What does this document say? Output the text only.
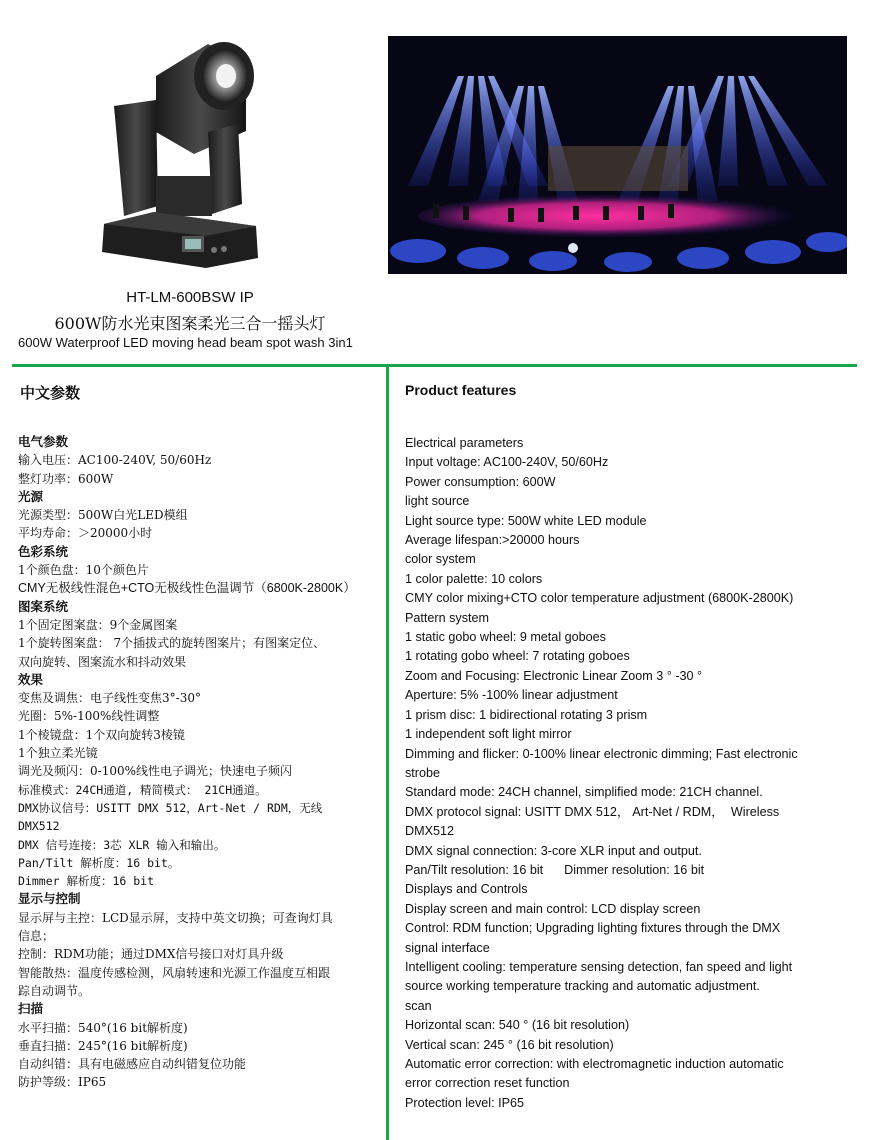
HT-LM-600BSW IP
600W防水光束图案柔光三合一摇头灯
600W Waterproof LED moving head beam spot wash 3in1
中文参数	Product features
电气参数
输入电压：AC100-240V, 50/60Hz
整灯功率：600W
光源
光源类型：500W白光LED模组
平均寿命：＞20000小时
色彩系统
1个颜色盘：10个颜色片
CMY无极线性混色+CTO无极线性色温调节（6800K-2800K）
图案系统
1个固定图案盘：9个金属图案
1个旋转图案盘： 7个插拔式的旋转图案片；有图案定位、
双向旋转、图案流水和抖动效果
效果
变焦及调焦：电子线性变焦3°-30°
光圈：5%-100%线性调整
1个棱镜盘：1个双向旋转3棱镜
1个独立柔光镜
调光及频闪：0-100%线性电子调光；快速电子频闪
标准模式：24CH通道, 精简模式： 21CH通道。
DMX协议信号：USITT DMX 512，Art-Net / RDM，无线
DMX512
DMX 信号连接：3芯 XLR 输入和输出。
Pan/Tilt 解析度：16 bit。
Dimmer 解析度：16 bit
显示与控制
显示屏与主控：LCD显示屏，支持中英文切换；可查询灯具
信息；
控制：RDM功能；通过DMX信号接口对灯具升级
智能散热：温度传感检测，风扇转速和光源工作温度互相跟
踪自动调节。
扫描
水平扫描：540°(16 bit解析度)
垂直扫描：245°(16 bit解析度)
自动纠错：具有电磁感应自动纠错复位功能
防护等级：IP65
Electrical parameters
Input voltage: AC100-240V, 50/60Hz
Power consumption: 600W
light source
Light source type: 500W white LED module
Average lifespan:>20000 hours
color system
1 color palette: 10 colors
CMY color mixing+CTO color temperature adjustment (6800K-2800K)
Pattern system
1 static gobo wheel: 9 metal goboes
1 rotating gobo wheel: 7 rotating goboes
Zoom and Focusing: Electronic Linear Zoom 3 ° -30 °
Aperture: 5% -100% linear adjustment
1 prism disc: 1 bidirectional rotating 3 prism
1 independent soft light mirror
Dimming and flicker: 0-100% linear electronic dimming; Fast electronic
strobe
Standard mode: 24CH channel, simplified mode: 21CH channel.
DMX protocol signal: USITT DMX 512， Art-Net / RDM，  Wireless
DMX512
DMX signal connection: 3-core XLR input and output.
Pan/Tilt resolution: 16 bit      Dimmer resolution: 16 bit
Displays and Controls
Display screen and main control: LCD display screen
Control: RDM function; Upgrading lighting fixtures through the DMX
signal interface
Intelligent cooling: temperature sensing detection, fan speed and light
source working temperature tracking and automatic adjustment.
scan
Horizontal scan: 540 ° (16 bit resolution)
Vertical scan: 245 ° (16 bit resolution)
Automatic error correction: with electromagnetic induction automatic
error correction reset function
Protection level: IP65
